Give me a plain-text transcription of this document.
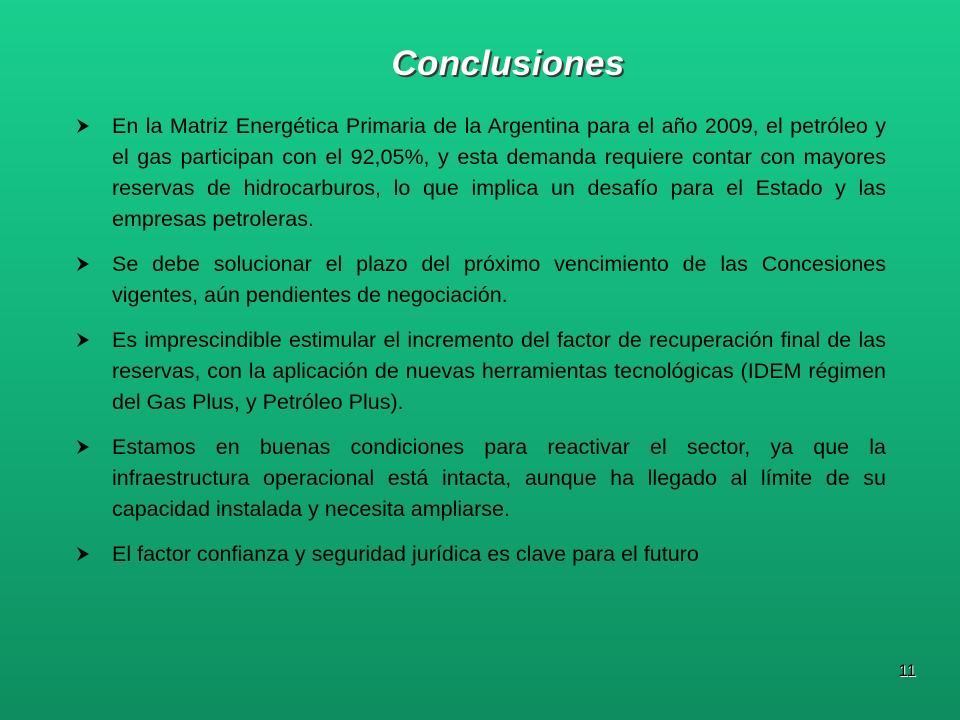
Conclusiones
En la Matriz Energética Primaria de la Argentina para el año 2009, el petróleo y el gas participan con el 92,05%, y esta demanda requiere contar con mayores reservas de hidrocarburos, lo que implica un desafío para el Estado y las empresas petroleras.
Se debe solucionar el plazo del próximo vencimiento de las Concesiones vigentes, aún pendientes de negociación.
Es imprescindible estimular el incremento del factor de recuperación final de las reservas, con la aplicación de nuevas herramientas tecnológicas (IDEM régimen del Gas Plus, y Petróleo Plus).
Estamos en buenas condiciones para reactivar el sector, ya que la infraestructura operacional está intacta, aunque ha llegado al límite de su capacidad instalada y necesita ampliarse.
El factor confianza y seguridad jurídica es clave para el futuro
11
